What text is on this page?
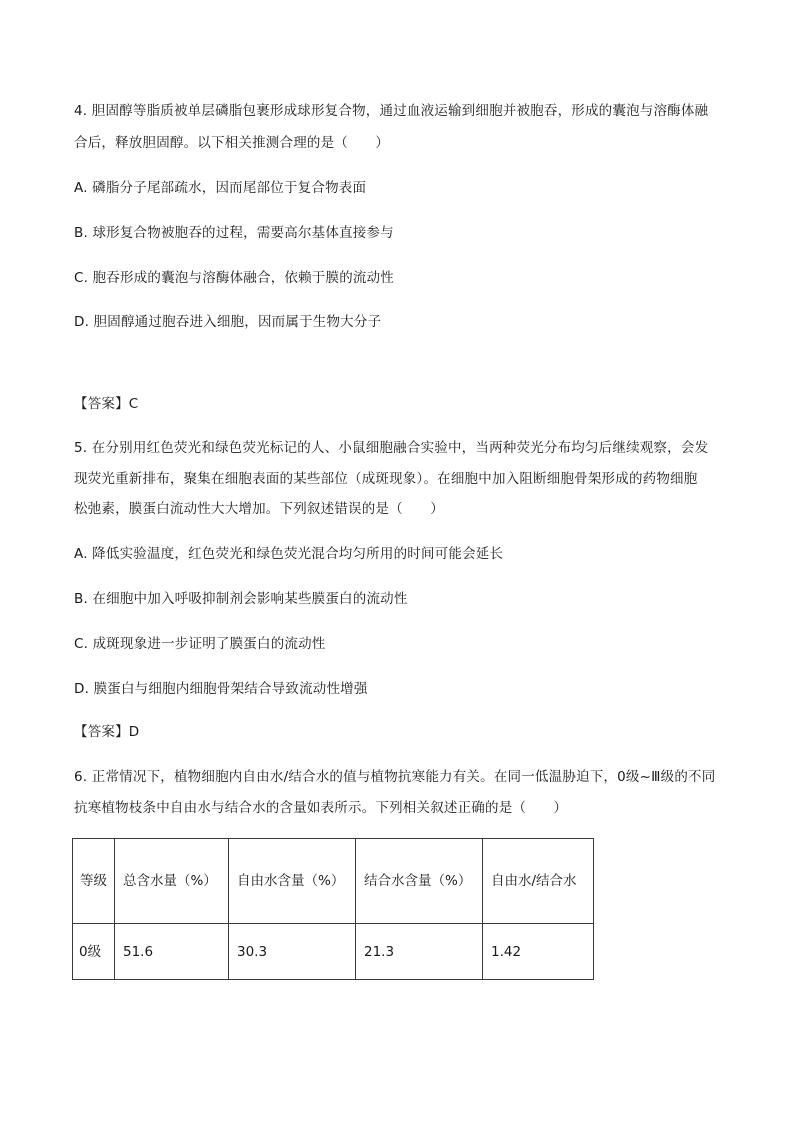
4. 胆固醇等脂质被单层磷脂包裹形成球形复合物，通过血液运输到细胞并被胞吞，形成的囊泡与溶酶体融
合后，释放胆固醇。以下相关推测合理的是（　　）
A. 磷脂分子尾部疏水，因而尾部位于复合物表面
B. 球形复合物被胞吞的过程，需要高尔基体直接参与
C. 胞吞形成的囊泡与溶酶体融合，依赖于膜的流动性
D. 胆固醇通过胞吞进入细胞，因而属于生物大分子
【答案】C
5. 在分别用红色荧光和绿色荧光标记的人、小鼠细胞融合实验中，当两种荧光分布均匀后继续观察，会发
现荧光重新排布，聚集在细胞表面的某些部位（成斑现象）。在细胞中加入阻断细胞骨架形成的药物细胞
松弛素，膜蛋白流动性大大增加。下列叙述错误的是（　　）
A. 降低实验温度，红色荧光和绿色荧光混合均匀所用的时间可能会延长
B. 在细胞中加入呼吸抑制剂会影响某些膜蛋白的流动性
C. 成斑现象进一步证明了膜蛋白的流动性
D. 膜蛋白与细胞内细胞骨架结合导致流动性增强
【答案】D
6. 正常情况下，植物细胞内自由水/结合水的值与植物抗寒能力有关。在同一低温胁迫下，0级~Ⅲ级的不同
抗寒植物枝条中自由水与结合水的含量如表所示。下列相关叙述正确的是（　　）
等级	总含水量（%）	自由水含量（%）	结合水含量（%）	自由水/结合水

0级	51.6	30.3	21.3	1.42
